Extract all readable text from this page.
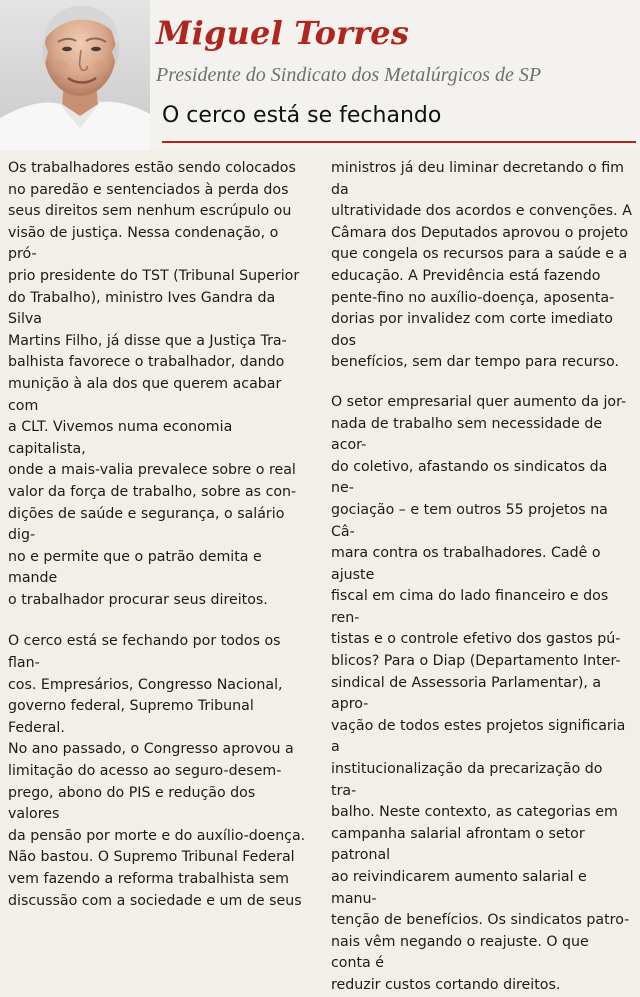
Miguel Torres
Presidente do Sindicato dos Metalúrgicos de SP
O cerco está se fechando

Os trabalhadores estão sendo colocados
no paredão e sentenciados à perda dos
seus direitos sem nenhum escrúpulo ou
visão de justiça. Nessa condenação, o pró-
prio presidente do TST (Tribunal Superior
do Trabalho), ministro Ives Gandra da Silva
Martins Filho, já disse que a Justiça Tra-
balhista favorece o trabalhador, dando
munição à ala dos que querem acabar com
a CLT. Vivemos numa economia capitalista,
onde a mais-valia prevalece sobre o real
valor da força de trabalho, sobre as con-
dições de saúde e segurança, o salário dig-
no e permite que o patrão demita e mande
o trabalhador procurar seus direitos.

O cerco está se fechando por todos os flan-
cos. Empresários, Congresso Nacional,
governo federal, Supremo Tribunal Federal.
No ano passado, o Congresso aprovou a
limitação do acesso ao seguro-desem-
prego, abono do PIS e redução dos valores
da pensão por morte e do auxílio-doença.
Não bastou. O Supremo Tribunal Federal
vem fazendo a reforma trabalhista sem
discussão com a sociedade e um de seus

ministros já deu liminar decretando o fim da
ultratividade dos acordos e convenções. A
Câmara dos Deputados aprovou o projeto
que congela os recursos para a saúde e a
educação. A Previdência está fazendo
pente-fino no auxílio-doença, aposenta-
dorias por invalidez com corte imediato dos
benefícios, sem dar tempo para recurso.

O setor empresarial quer aumento da jor-
nada de trabalho sem necessidade de acor-
do coletivo, afastando os sindicatos da ne-
gociação – e tem outros 55 projetos na Câ-
mara contra os trabalhadores. Cadê o ajuste
fiscal em cima do lado financeiro e dos ren-
tistas e o controle efetivo dos gastos pú-
blicos? Para o Diap (Departamento Inter-
sindical de Assessoria Parlamentar), a apro-
vação de todos estes projetos significaria a
institucionalização da precarização do tra-
balho. Neste contexto, as categorias em
campanha salarial afrontam o setor patronal
ao reivindicarem aumento salarial e manu-
tenção de benefícios. Os sindicatos patro-
nais vêm negando o reajuste. O que conta é
reduzir custos cortando direitos.
